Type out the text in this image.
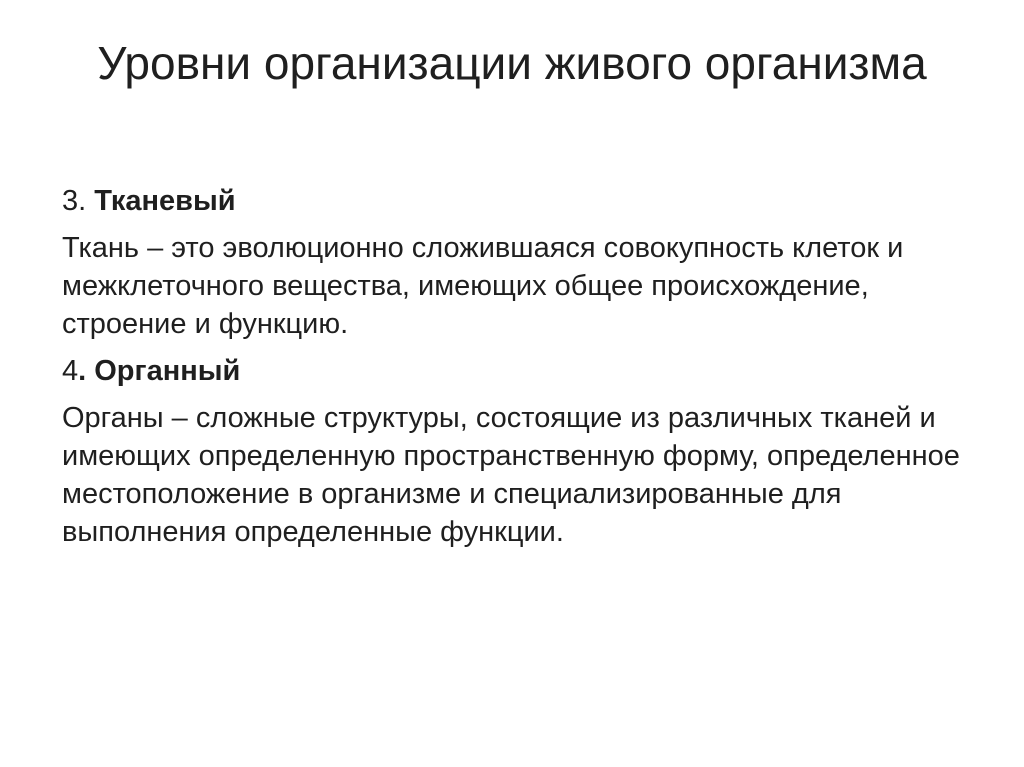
Уровни организации живого организма

3. Тканевый

Ткань – это эволюционно сложившаяся совокупность клеток и межклеточного вещества, имеющих общее происхождение, строение и функцию.

4. Органный

Органы – сложные структуры, состоящие из различных тканей и имеющих определенную пространственную форму, определенное местоположение в организме и специализированные для выполнения определенные функции.
